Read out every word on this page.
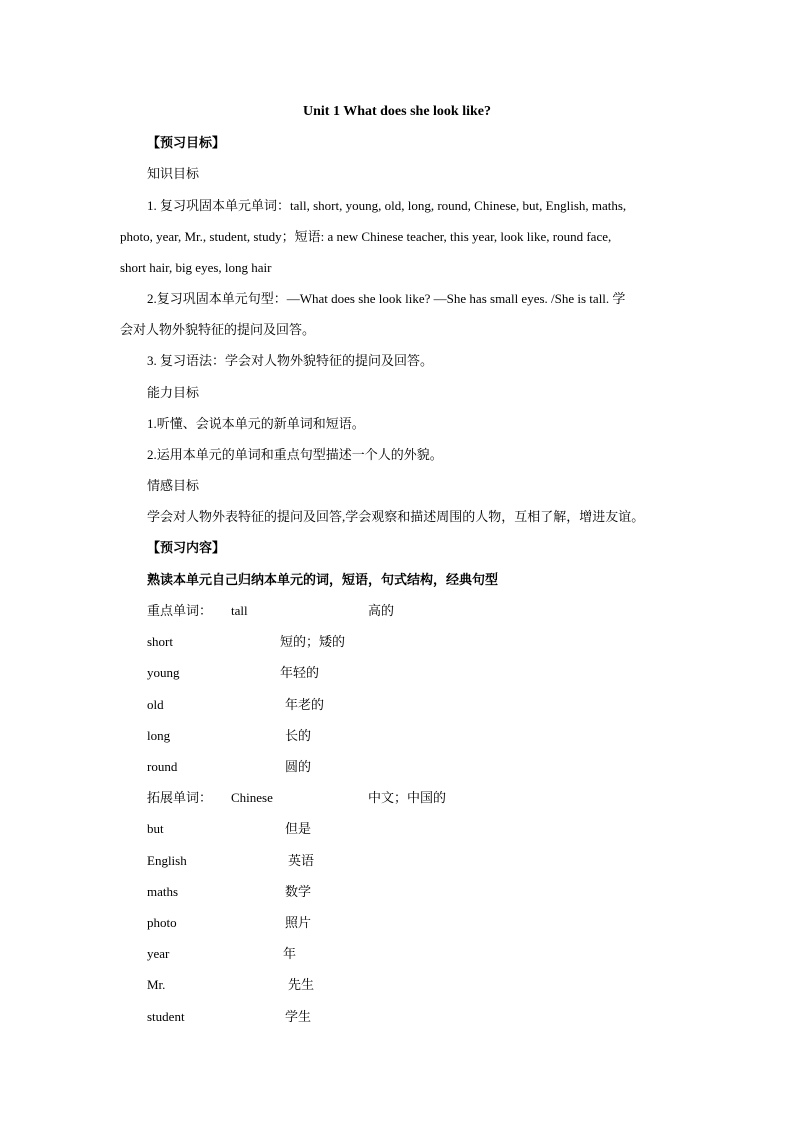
Unit 1 What does she look like?
【预习目标】
知识目标
1. 复习巩固本单元单词：tall, short, young, old, long, round, Chinese, but, English, maths,
photo, year, Mr., student, study；短语: a new Chinese teacher, this year, look like, round face,
short hair, big eyes, long hair
2.复习巩固本单元句型：—What does she look like? —She has small eyes. /She is tall. 学
会对人物外貌特征的提问及回答。
3. 复习语法：学会对人物外貌特征的提问及回答。
能力目标
1.听懂、会说本单元的新单词和短语。
2.运用本单元的单词和重点句型描述一个人的外貌。
情感目标
学会对人物外表特征的提问及回答,学会观察和描述周围的人物，互相了解，增进友谊。
【预习内容】
熟读本单元自己归纳本单元的词，短语，句式结构，经典句型
重点单词： tall	高的
short	短的；矮的
young	年轻的
old	年老的
long	长的
round	圆的
拓展单词： Chinese	中文；中国的
but	但是
English	英语
maths	数学
photo	照片
year	年
Mr.	先生
student	学生
